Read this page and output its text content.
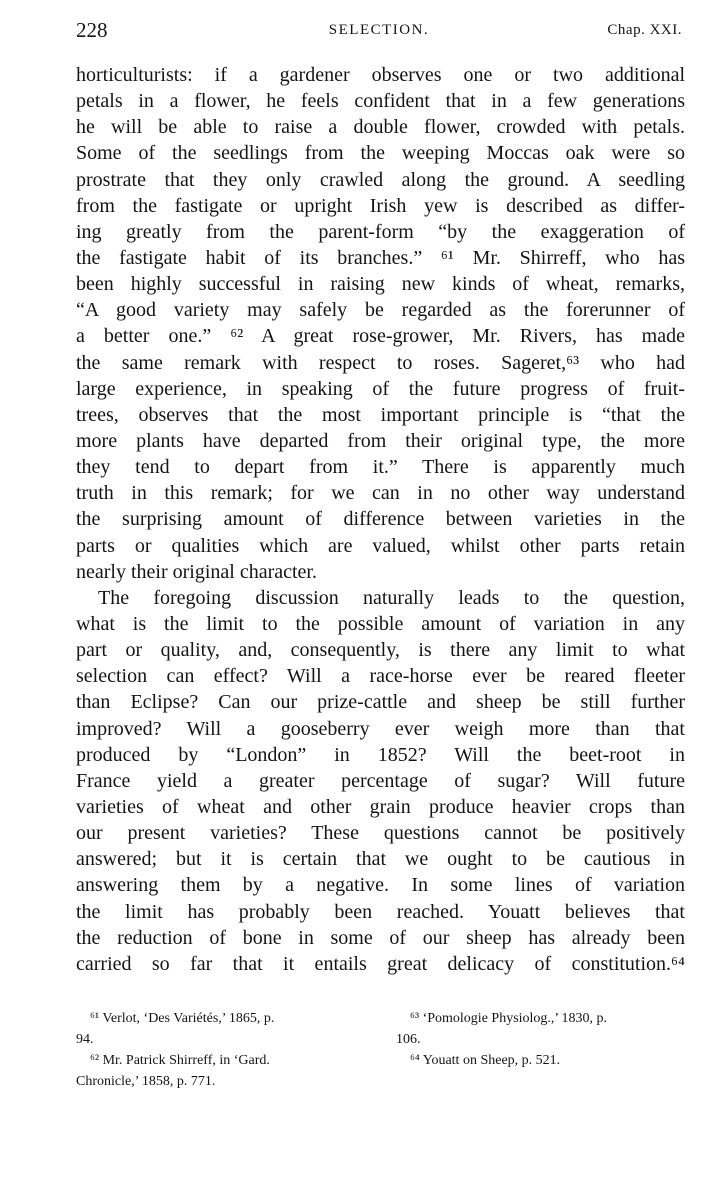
228	SELECTION.	Chap. XXI.
horticulturists: if a gardener observes one or two additional
petals in a flower, he feels confident that in a few generations
he will be able to raise a double flower, crowded with petals.
Some of the seedlings from the weeping Moccas oak were so
prostrate that they only crawled along the ground. A seedling
from the fastigate or upright Irish yew is described as differ-
ing greatly from the parent-form “by the exaggeration of
the fastigate habit of its branches.” ⁶¹ Mr. Shirreff, who has
been highly successful in raising new kinds of wheat, remarks,
“A good variety may safely be regarded as the forerunner of
a better one.” ⁶² A great rose-grower, Mr. Rivers, has made
the same remark with respect to roses. Sageret,⁶³ who had
large experience, in speaking of the future progress of fruit-
trees, observes that the most important principle is “that the
more plants have departed from their original type, the more
they tend to depart from it.” There is apparently much
truth in this remark; for we can in no other way understand
the surprising amount of difference between varieties in the
parts or qualities which are valued, whilst other parts retain
nearly their original character.
The foregoing discussion naturally leads to the question,
what is the limit to the possible amount of variation in any
part or quality, and, consequently, is there any limit to what
selection can effect? Will a race-horse ever be reared fleeter
than Eclipse? Can our prize-cattle and sheep be still further
improved? Will a gooseberry ever weigh more than that
produced by “London” in 1852? Will the beet-root in
France yield a greater percentage of sugar? Will future
varieties of wheat and other grain produce heavier crops than
our present varieties? These questions cannot be positively
answered; but it is certain that we ought to be cautious in
answering them by a negative. In some lines of variation
the limit has probably been reached. Youatt believes that
the reduction of bone in some of our sheep has already been
carried so far that it entails great delicacy of constitution.⁶⁴
⁶¹ Verlot, ‘Des Variétés,’ 1865, p.
94.
⁶² Mr. Patrick Shirreff, in ‘Gard.
Chronicle,’ 1858, p. 771.
⁶³ ‘Pomologie Physiolog.,’ 1830, p.
106.
⁶⁴ Youatt on Sheep, p. 521.
